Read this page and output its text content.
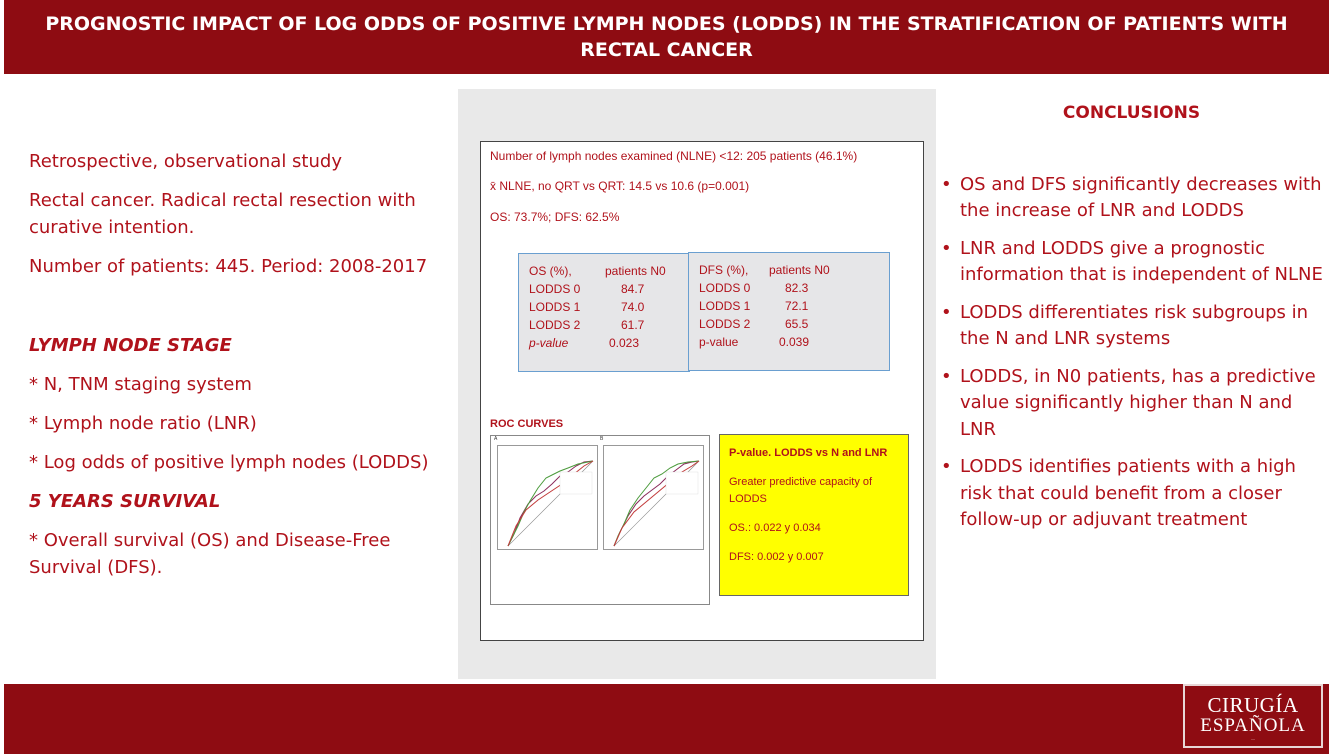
PROGNOSTIC IMPACT OF LOG ODDS OF POSITIVE LYMPH NODES (LODDS) IN THE STRATIFICATION OF PATIENTS WITH RECTAL CANCER

Retrospective, observational study

Rectal cancer. Radical rectal resection with curative intention.

Number of patients: 445. Period: 2008-2017

LYMPH NODE STAGE

* N, TNM staging system

* Lymph node ratio (LNR)

* Log odds of positive lymph nodes (LODDS)

5 YEARS SURVIVAL

* Overall survival (OS) and Disease-Free Survival (DFS).

Number of lymph nodes examined (NLNE) <12: 205 patients (46.1%)
x̄ NLNE, no QRT vs QRT: 14.5 vs 10.6 (p=0.001)
OS: 73.7%; DFS: 62.5%
OS (%),	patients N0
LODDS 0	84.7
LODDS 1	74.0
LODDS 2	61.7
p-value	0.023
DFS (%), patients N0
LODDS 0	82.3
LODDS 1	72.1
LODDS 2	65.5
p-value	0.039
ROC CURVES
A	B

P-value. LODDS vs N and LNR

Greater predictive capacity of LODDS

OS.: 0.022 y 0.034

DFS: 0.002 y 0.007

CONCLUSIONS
• OS and DFS significantly decreases with the increase of LNR and LODDS
• LNR and LODDS give a prognostic information that is independent of NLNE
• LODDS differentiates risk subgroups in the N and LNR systems
• LODDS, in N0 patients, has a predictive value significantly higher than N and LNR
• LODDS identifies patients with a high risk that could benefit from a closer follow-up or adjuvant treatment
CIRUGÍA
ESPAÑOLA
—
